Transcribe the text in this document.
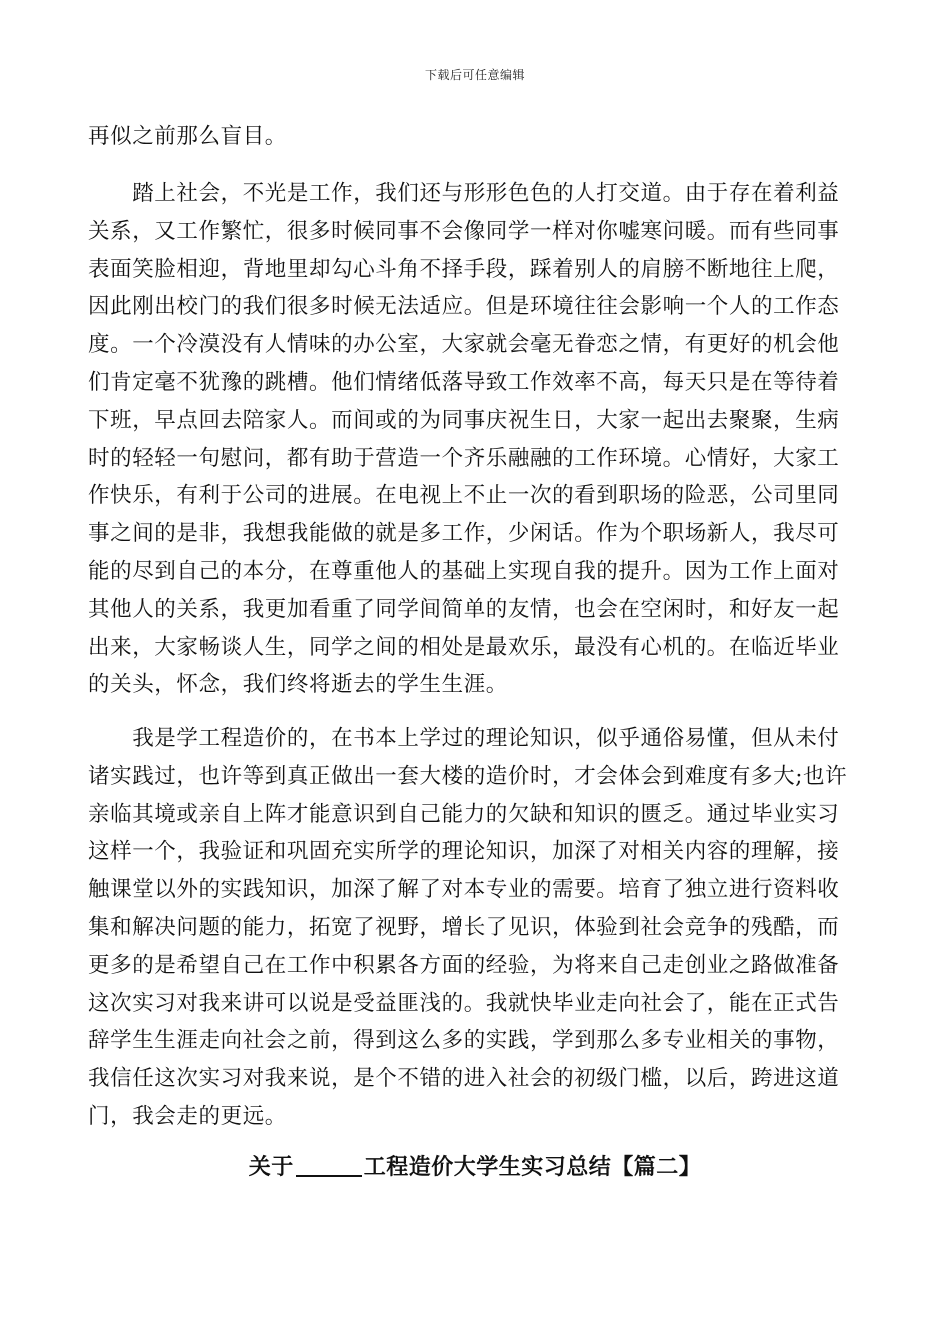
下载后可任意编辑

再似之前那么盲目。

　　踏上社会，不光是工作，我们还与形形色色的人打交道。由于存在着利益
关系，又工作繁忙，很多时候同事不会像同学一样对你嘘寒问暖。而有些同事
表面笑脸相迎，背地里却勾心斗角不择手段，踩着别人的肩膀不断地往上爬，
因此刚出校门的我们很多时候无法适应。但是环境往往会影响一个人的工作态
度。一个冷漠没有人情味的办公室，大家就会毫无眷恋之情，有更好的机会他
们肯定毫不犹豫的跳槽。他们情绪低落导致工作效率不高，每天只是在等待着
下班，早点回去陪家人。而间或的为同事庆祝生日，大家一起出去聚聚，生病
时的轻轻一句慰问，都有助于营造一个齐乐融融的工作环境。心情好，大家工
作快乐，有利于公司的进展。在电视上不止一次的看到职场的险恶，公司里同
事之间的是非，我想我能做的就是多工作，少闲话。作为个职场新人，我尽可
能的尽到自己的本分，在尊重他人的基础上实现自我的提升。因为工作上面对
其他人的关系，我更加看重了同学间简单的友情，也会在空闲时，和好友一起
出来，大家畅谈人生，同学之间的相处是最欢乐，最没有心机的。在临近毕业
的关头，怀念，我们终将逝去的学生生涯。

　　我是学工程造价的，在书本上学过的理论知识，似乎通俗易懂，但从未付
诸实践过，也许等到真正做出一套大楼的造价时，才会体会到难度有多大;也许
亲临其境或亲自上阵才能意识到自己能力的欠缺和知识的匮乏。通过毕业实习
这样一个，我验证和巩固充实所学的理论知识，加深了对相关内容的理解，接
触课堂以外的实践知识，加深了解了对本专业的需要。培育了独立进行资料收
集和解决问题的能力，拓宽了视野，增长了见识，体验到社会竞争的残酷，而
更多的是希望自己在工作中积累各方面的经验，为将来自己走创业之路做准备
这次实习对我来讲可以说是受益匪浅的。我就快毕业走向社会了，能在正式告
辞学生生涯走向社会之前，得到这么多的实践，学到那么多专业相关的事物，
我信任这次实习对我来说，是个不错的进入社会的初级门槛，以后，跨进这道
门，我会走的更远。

关于	工程造价大学生实习总结【篇二】
